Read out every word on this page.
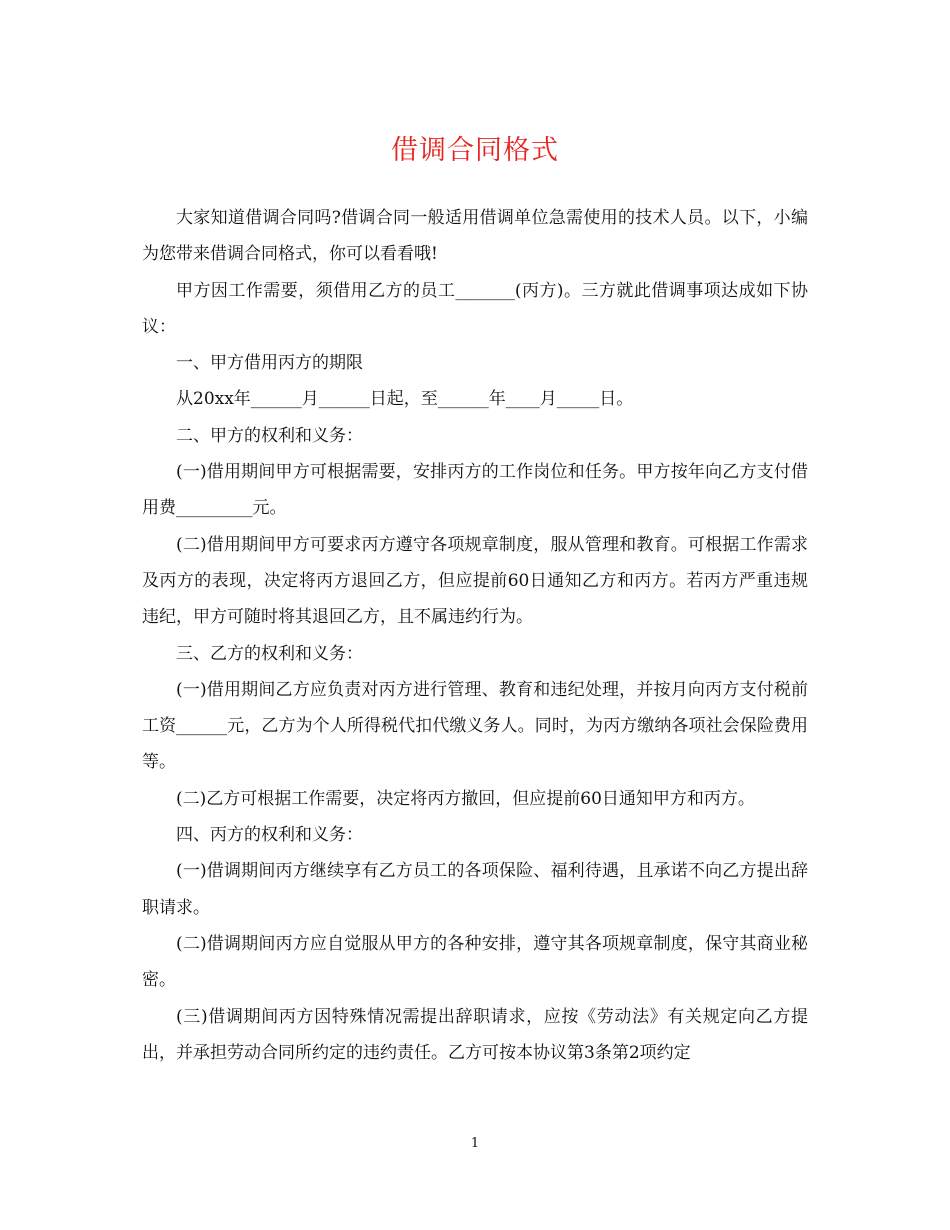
借调合同格式

大家知道借调合同吗?借调合同一般适用借调单位急需使用的技术人员。以下，小编为您带来借调合同格式，你可以看看哦!

甲方因工作需要，须借用乙方的员工_______(丙方)。三方就此借调事项达成如下协议：

一、甲方借用丙方的期限

从20xx年______月______日起，至______年____月_____日。

二、甲方的权利和义务：

(一)借用期间甲方可根据需要，安排丙方的工作岗位和任务。甲方按年向乙方支付借用费_________元。

(二)借用期间甲方可要求丙方遵守各项规章制度，服从管理和教育。可根据工作需求及丙方的表现，决定将丙方退回乙方，但应提前60日通知乙方和丙方。若丙方严重违规违纪，甲方可随时将其退回乙方，且不属违约行为。

三、乙方的权利和义务：

(一)借用期间乙方应负责对丙方进行管理、教育和违纪处理，并按月向丙方支付税前工资______元，乙方为个人所得税代扣代缴义务人。同时，为丙方缴纳各项社会保险费用等。

(二)乙方可根据工作需要，决定将丙方撤回，但应提前60日通知甲方和丙方。

四、丙方的权利和义务：

(一)借调期间丙方继续享有乙方员工的各项保险、福利待遇，且承诺不向乙方提出辞职请求。

(二)借调期间丙方应自觉服从甲方的各种安排，遵守其各项规章制度，保守其商业秘密。

(三)借调期间丙方因特殊情况需提出辞职请求，应按《劳动法》有关规定向乙方提出，并承担劳动合同所约定的违约责任。乙方可按本协议第3条第2项约定

1
